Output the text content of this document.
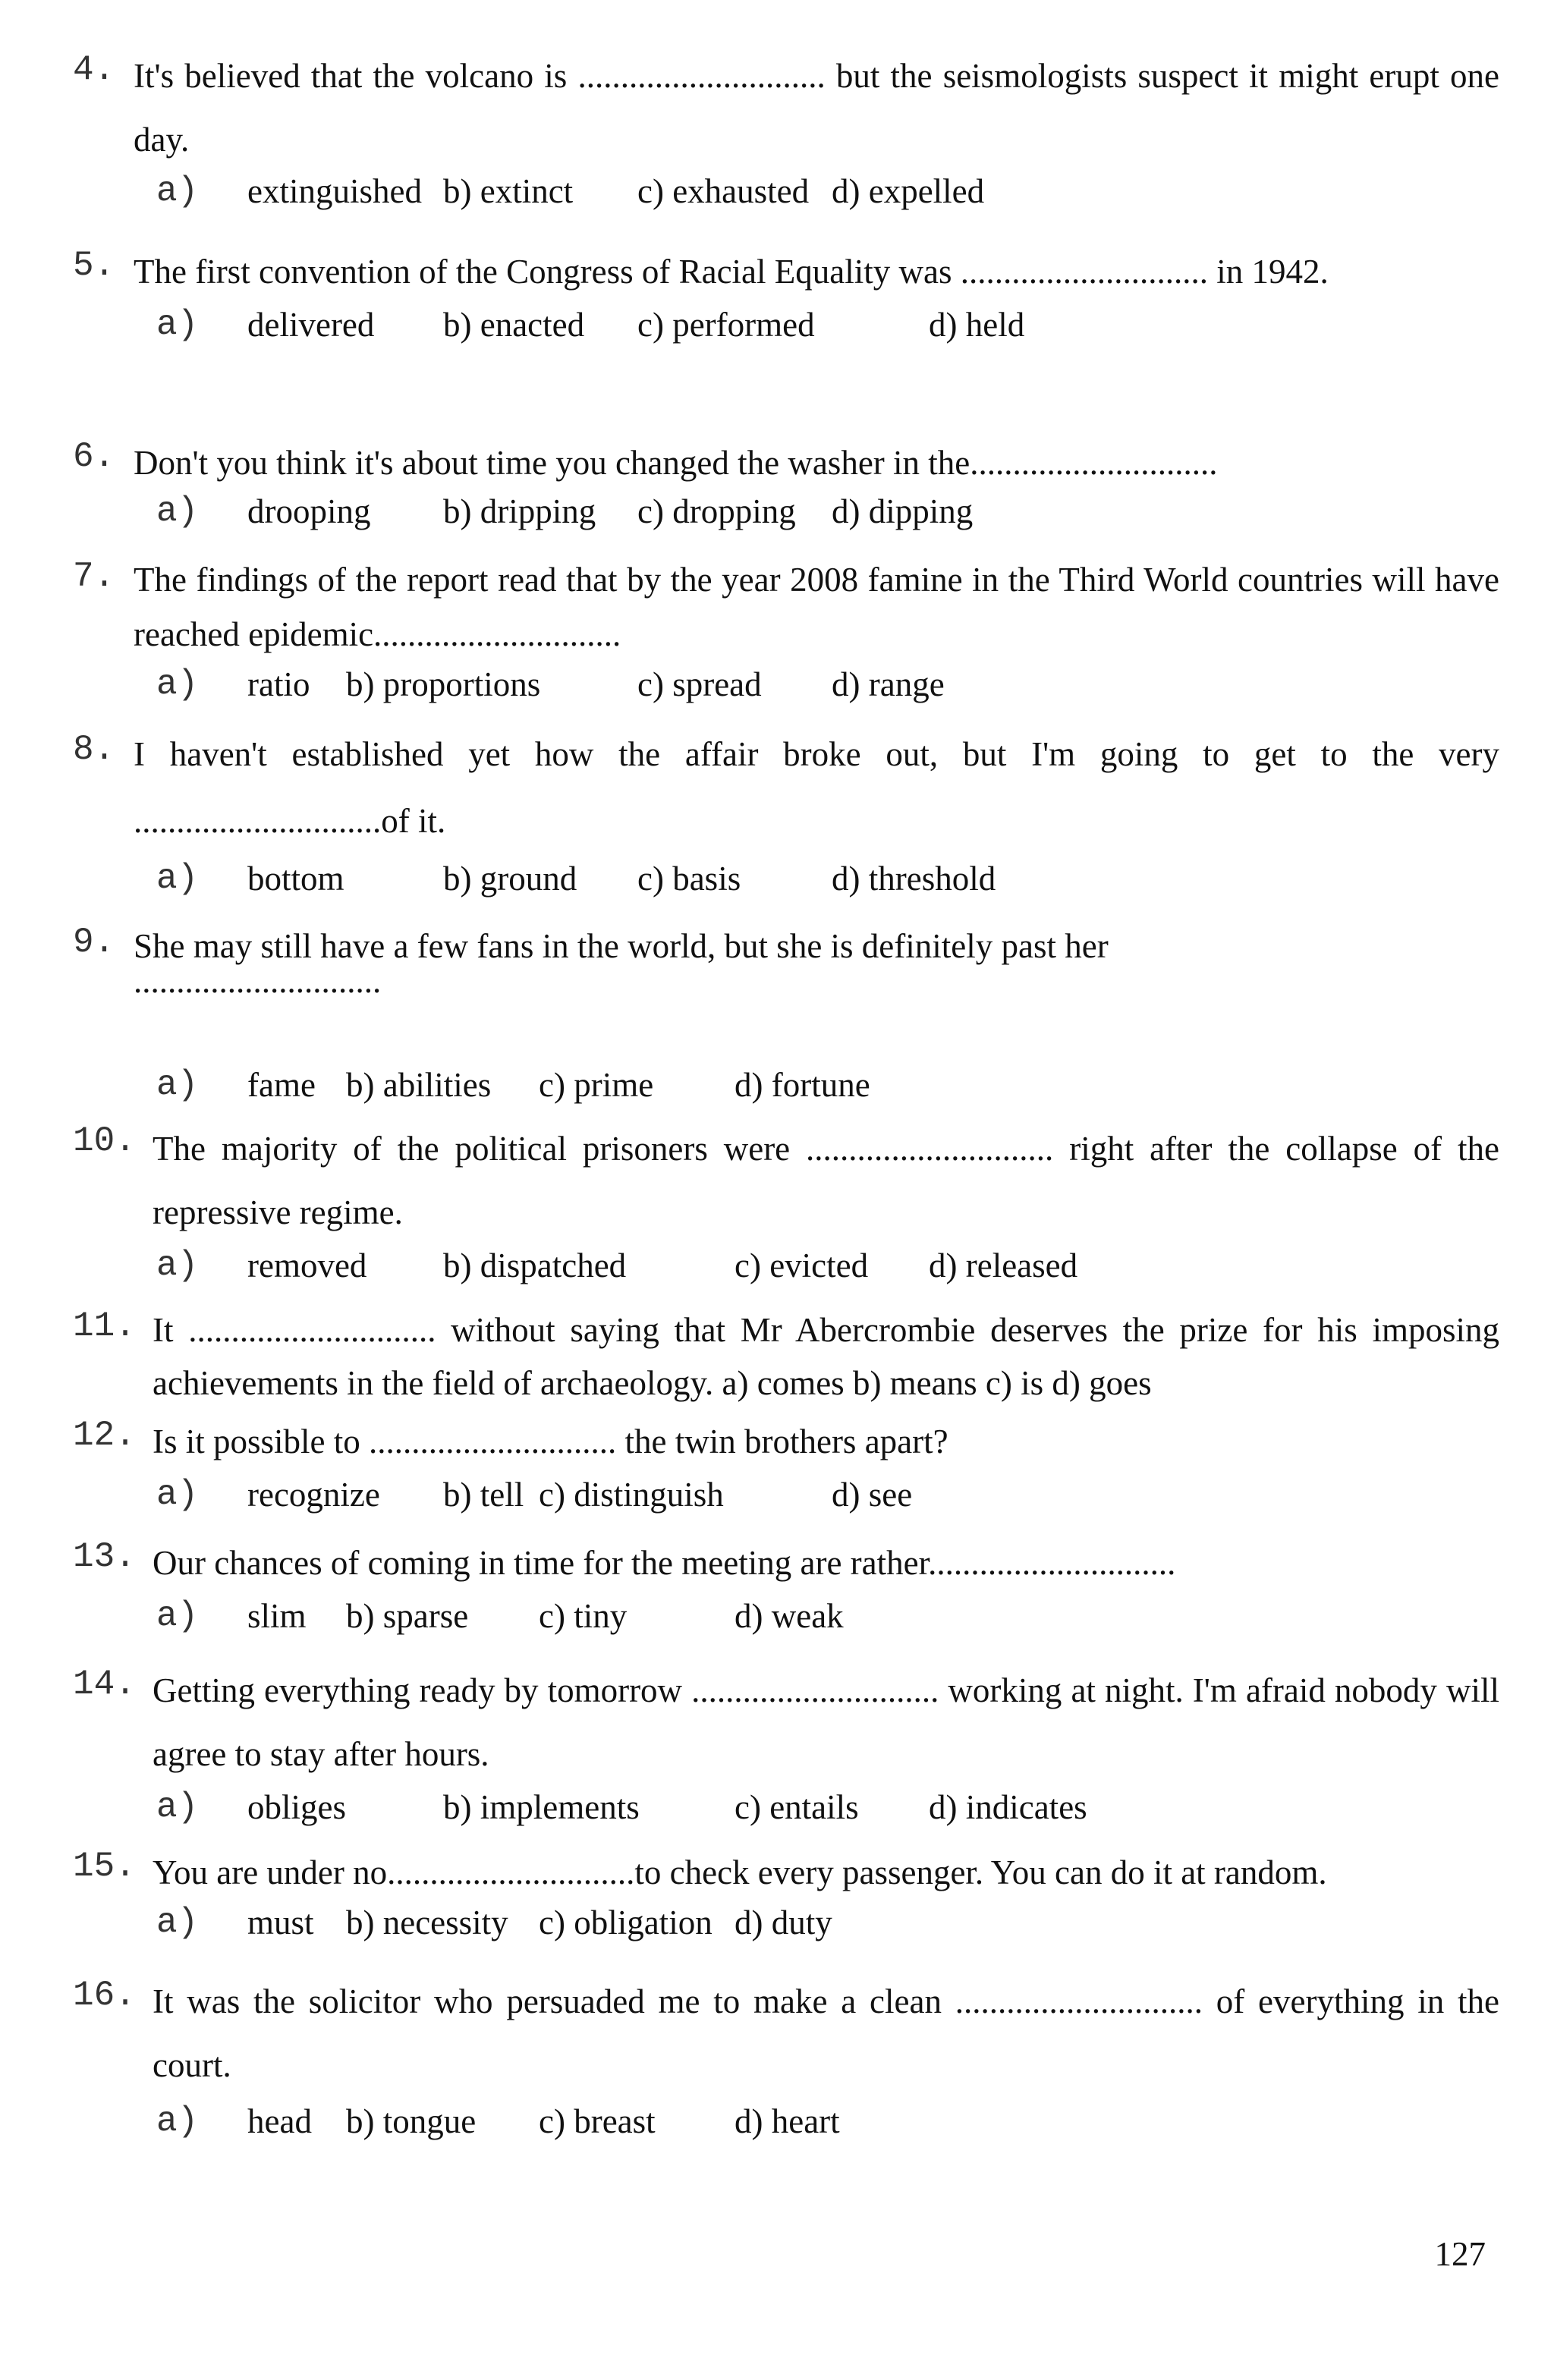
4. It's believed that the volcano is ............................. but the seismologists suspect it might erupt one day.
a) extinguished b) extinct c) exhausted d) expelled
5. The first convention of the Congress of Racial Equality was ............................. in 1942.
a) delivered b) enacted c) performed	d) held
6. Don't you think it's about time you changed the washer in the.............................
a) drooping b) dripping c) dropping d) dipping
7. The findings of the report read that by the year 2008 famine in the Third World countries will have reached epidemic.............................
a) ratio b) proportions	c) spread d) range
8. I haven't established yet how the affair broke out, but I'm going to get to the very .............................of it.
a) bottom	b) ground c) basis	d) threshold
9. She may still have a few fans in the world, but she is definitely past her
.............................
a) fame b) abilities c) prime d) fortune
10. The majority of the political prisoners were ............................. right after the collapse of the repressive regime.
a) removed b) dispatched	c) evicted d) released
11. It ............................. without saying that Mr Abercrombie deserves the prize for his imposing achievements in the field of archaeology. a) comes b) means c) is d) goes
12. Is it possible to ............................. the twin brothers apart?
a) recognize b) tell c) distinguish	d) see
13. Our chances of coming in time for the meeting are rather.............................
a) slim b) sparse c) tiny	d) weak
14. Getting everything ready by tomorrow ............................. working at night. I'm afraid nobody will agree to stay after hours.
a) obliges	b) implements	c) entails d) indicates
15. You are under no.............................to check every passenger. You can do it at random.
a) must b) necessity c) obligation d) duty
16. It was the solicitor who persuaded me to make a clean ............................. of everything in the court.
a) head b) tongue c) breast d) heart
127
